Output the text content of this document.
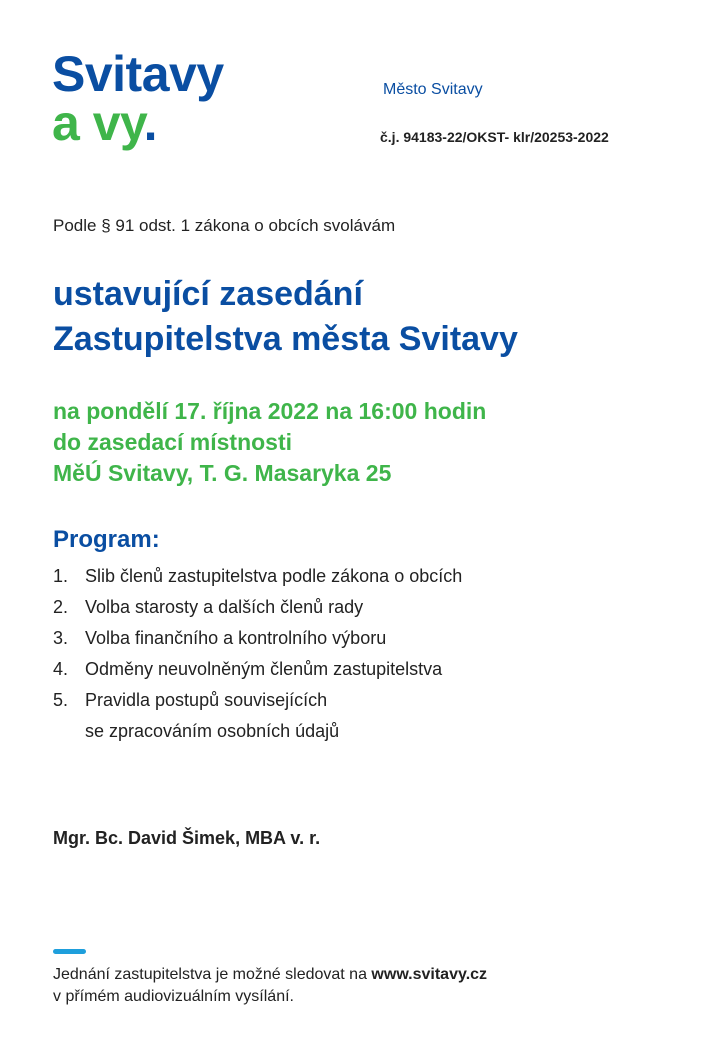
Svitavy
a vy.
Město Svitavy
č.j. 94183-22/OKST- klr/20253-2022
Podle § 91 odst. 1 zákona o obcích svolávám
ustavující zasedání
Zastupitelstva města Svitavy
na pondělí 17. října 2022 na 16:00 hodin
do zasedací místnosti
MěÚ Svitavy, T. G. Masaryka 25
Program:
1. Slib členů zastupitelstva podle zákona o obcích
2. Volba starosty a dalších členů rady
3. Volba finančního a kontrolního výboru
4. Odměny neuvolněným členům zastupitelstva
5. Pravidla postupů souvisejících
se zpracováním osobních údajů
Mgr. Bc. David Šimek, MBA v. r.
Jednání zastupitelstva je možné sledovat na www.svitavy.cz
v přímém audiovizuálním vysílání.
